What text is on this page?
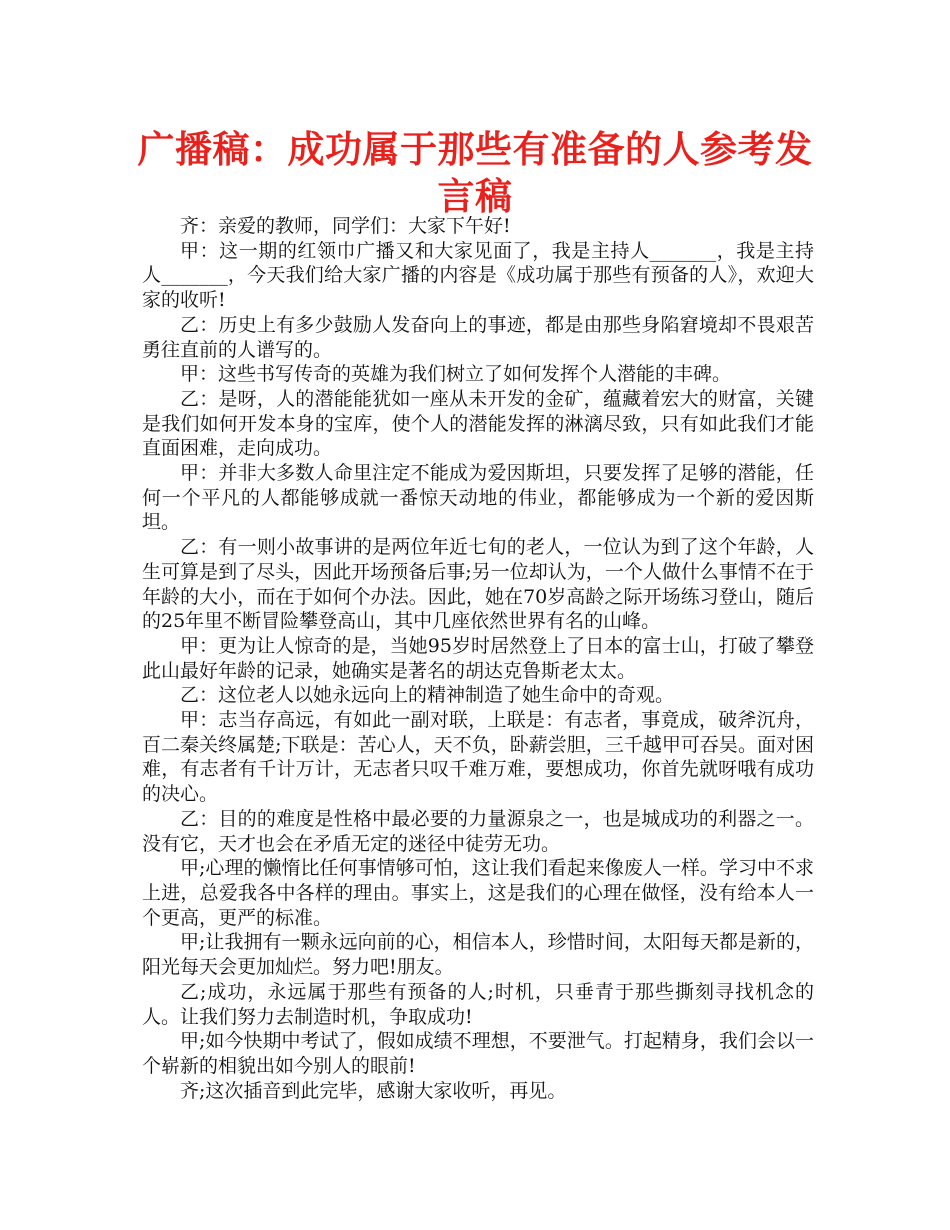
广播稿：成功属于那些有准备的人参考发言稿

齐：亲爱的教师，同学们：大家下午好!

甲：这一期的红领巾广播又和大家见面了，我是主持人_______，我是主持人_______，今天我们给大家广播的内容是《成功属于那些有预备的人》，欢迎大家的收听!

乙：历史上有多少鼓励人发奋向上的事迹，都是由那些身陷窘境却不畏艰苦勇往直前的人谱写的。

甲：这些书写传奇的英雄为我们树立了如何发挥个人潜能的丰碑。

乙：是呀，人的潜能能犹如一座从未开发的金矿，蕴藏着宏大的财富，关键是我们如何开发本身的宝库，使个人的潜能发挥的淋漓尽致，只有如此我们才能 直面困难，走向成功。

甲：并非大多数人命里注定不能成为爱因斯坦，只要发挥了足够的潜能，任何一个平凡的人都能够成就一番惊天动地的伟业，都能够成为一个新的爱因斯坦。

乙：有一则小故事讲的是两位年近七旬的老人，一位认为到了这个年龄，人生可算是到了尽头，因此开场预备后事;另一位却认为，一个人做什么事情不在于年龄的大小，而在于如何个办法。因此，她在70岁高龄之际开场练习登山，随后的25年里不断冒险攀登高山，其中几座依然世界有名的山峰。

甲：更为让人惊奇的是，当她95岁时居然登上了日本的富士山，打破了攀登此山最好年龄的记录，她确实是著名的胡达克鲁斯老太太。

乙：这位老人以她永远向上的精神制造了她生命中的奇观。

甲：志当存高远，有如此一副对联，上联是：有志者，事竟成，破斧沉舟，百二秦关终属楚;下联是：苦心人，天不负，卧薪尝胆，三千越甲可吞吴。面对困难，有志者有千计万计，无志者只叹千难万难，要想成功，你首先就呀哦有成功的决心。

乙：目的的难度是性格中最必要的力量源泉之一，也是城成功的利器之一。没有它，天才也会在矛盾无定的迷径中徒劳无功。

甲;心理的懒惰比任何事情够可怕，这让我们看起来像废人一样。学习中不求上进，总爱我各中各样的理由。事实上，这是我们的心理在做怪，没有给本人一个更高，更严的标准。

甲;让我拥有一颗永远向前的心，相信本人，珍惜时间，太阳每天都是新的，阳光每天会更加灿烂。努力吧!朋友。

乙;成功，永远属于那些有预备的人;时机，只垂青于那些撕刻寻找机念的人。让我们努力去制造时机，争取成功!

甲;如今快期中考试了，假如成绩不理想，不要泄气。打起精身，我们会以一个崭新的相貌出如今别人的眼前!

齐;这次插音到此完毕，感谢大家收听，再见。
